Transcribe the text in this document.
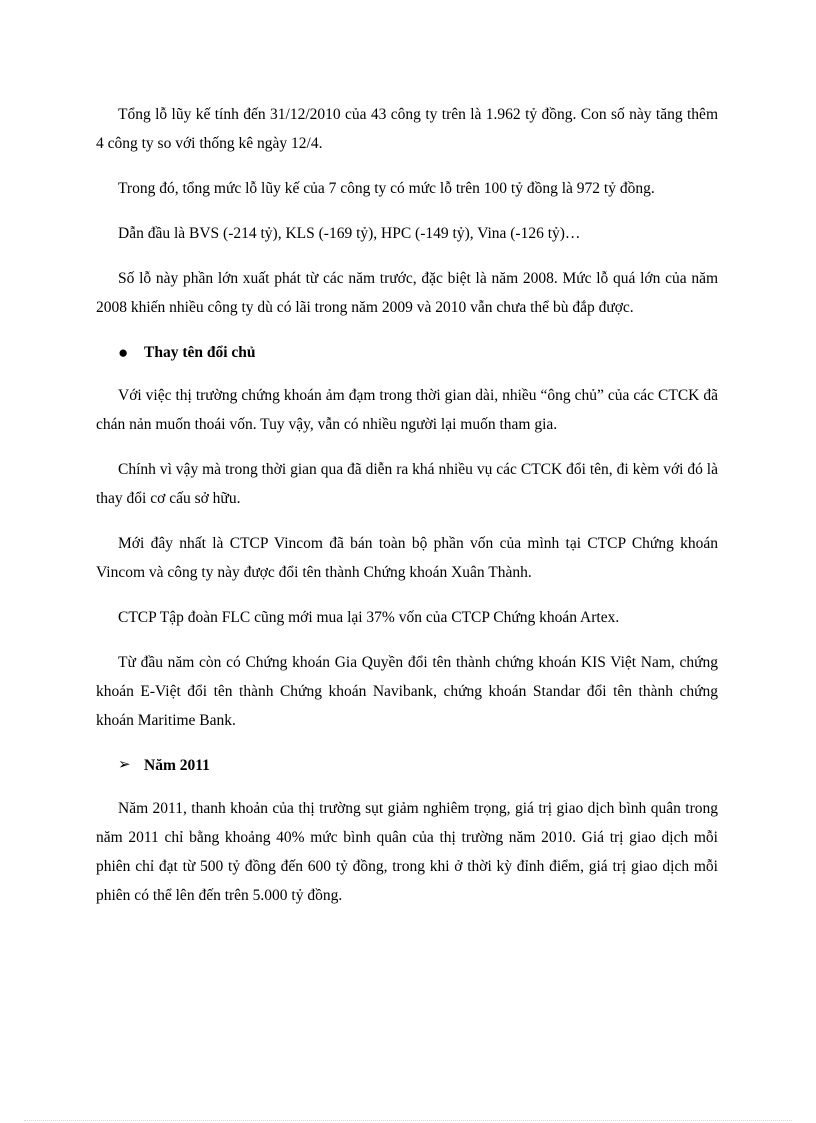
Tổng lỗ lũy kế tính đến 31/12/2010 của 43 công ty trên là 1.962 tỷ đồng. Con số này tăng thêm 4 công ty so với thống kê ngày 12/4.

Trong đó, tổng mức lỗ lũy kế của 7 công ty có mức lỗ trên 100 tỷ đồng là 972 tỷ đồng.

Dẫn đầu là BVS (-214 tỷ), KLS (-169 tỷ), HPC (-149 tỷ), Vina (-126 tỷ)…

Số lỗ này phần lớn xuất phát từ các năm trước, đặc biệt là năm 2008. Mức lỗ quá lớn của năm 2008 khiến nhiều công ty dù có lãi trong năm 2009 và 2010 vẫn chưa thể bù đắp được.

● Thay tên đổi chủ

Với việc thị trường chứng khoán ảm đạm trong thời gian dài, nhiều “ông chủ” của các CTCK đã chán nản muốn thoái vốn. Tuy vậy, vẫn có nhiều người lại muốn tham gia.

Chính vì vậy mà trong thời gian qua đã diễn ra khá nhiều vụ các CTCK đổi tên, đi kèm với đó là thay đổi cơ cấu sở hữu.

Mới đây nhất là CTCP Vincom đã bán toàn bộ phần vốn của mình tại CTCP Chứng khoán Vincom và công ty này được đổi tên thành Chứng khoán Xuân Thành.

CTCP Tập đoàn FLC cũng mới mua lại 37% vốn của CTCP Chứng khoán Artex.

Từ đầu năm còn có Chứng khoán Gia Quyền đổi tên thành chứng khoán KIS Việt Nam, chứng khoán E-Việt đổi tên thành Chứng khoán Navibank, chứng khoán Standar đổi tên thành chứng khoán Maritime Bank.

➢ Năm 2011

Năm 2011, thanh khoản của thị trường sụt giảm nghiêm trọng, giá trị giao dịch bình quân trong năm 2011 chỉ bằng khoảng 40% mức bình quân của thị trường năm 2010. Giá trị giao dịch mỗi phiên chỉ đạt từ 500 tỷ đồng đến 600 tỷ đồng, trong khi ở thời kỳ đỉnh điểm, giá trị giao dịch mỗi phiên có thể lên đến trên 5.000 tỷ đồng.
